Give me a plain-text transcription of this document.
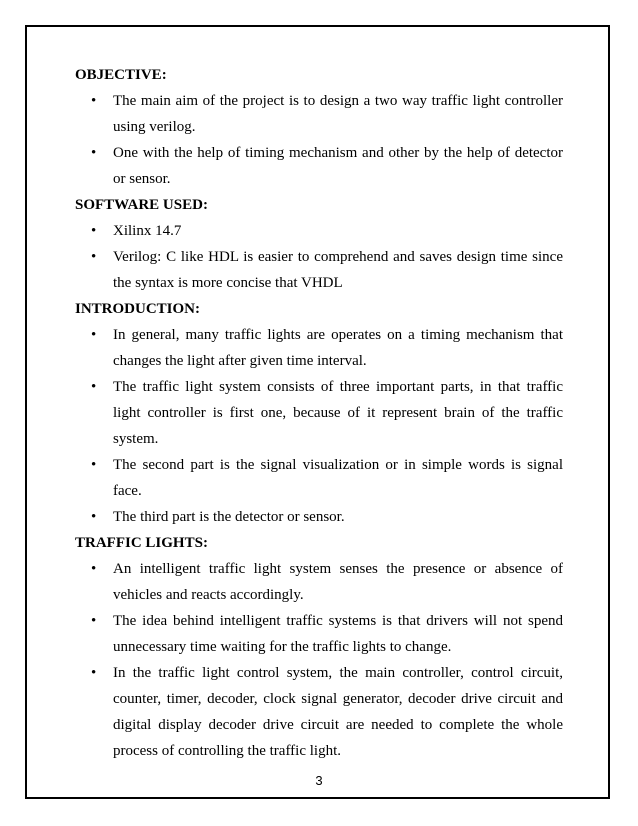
OBJECTIVE:

• The main aim of the project is to design a two way traffic light controller using verilog.
• One with the help of timing mechanism and other by the help of detector or sensor.

SOFTWARE USED:

• Xilinx 14.7
• Verilog: C like HDL is easier to comprehend and saves design time since the syntax is more concise that VHDL

INTRODUCTION:

• In general, many traffic lights are operates on a timing mechanism that changes the light after given time interval.
• The traffic light system consists of three important parts, in that traffic light controller is first one, because of it represent brain of the traffic system.
• The second part is the signal visualization or in simple words is signal face.
• The third part is the detector or sensor.

TRAFFIC LIGHTS:

• An intelligent traffic light system senses the presence or absence of vehicles and reacts accordingly.
• The idea behind intelligent traffic systems is that drivers will not spend unnecessary time waiting for the traffic lights to change.
• In the traffic light control system, the main controller, control circuit, counter, timer, decoder, clock signal generator, decoder drive circuit and digital display decoder drive circuit are needed to complete the whole process of controlling the traffic light.
3
